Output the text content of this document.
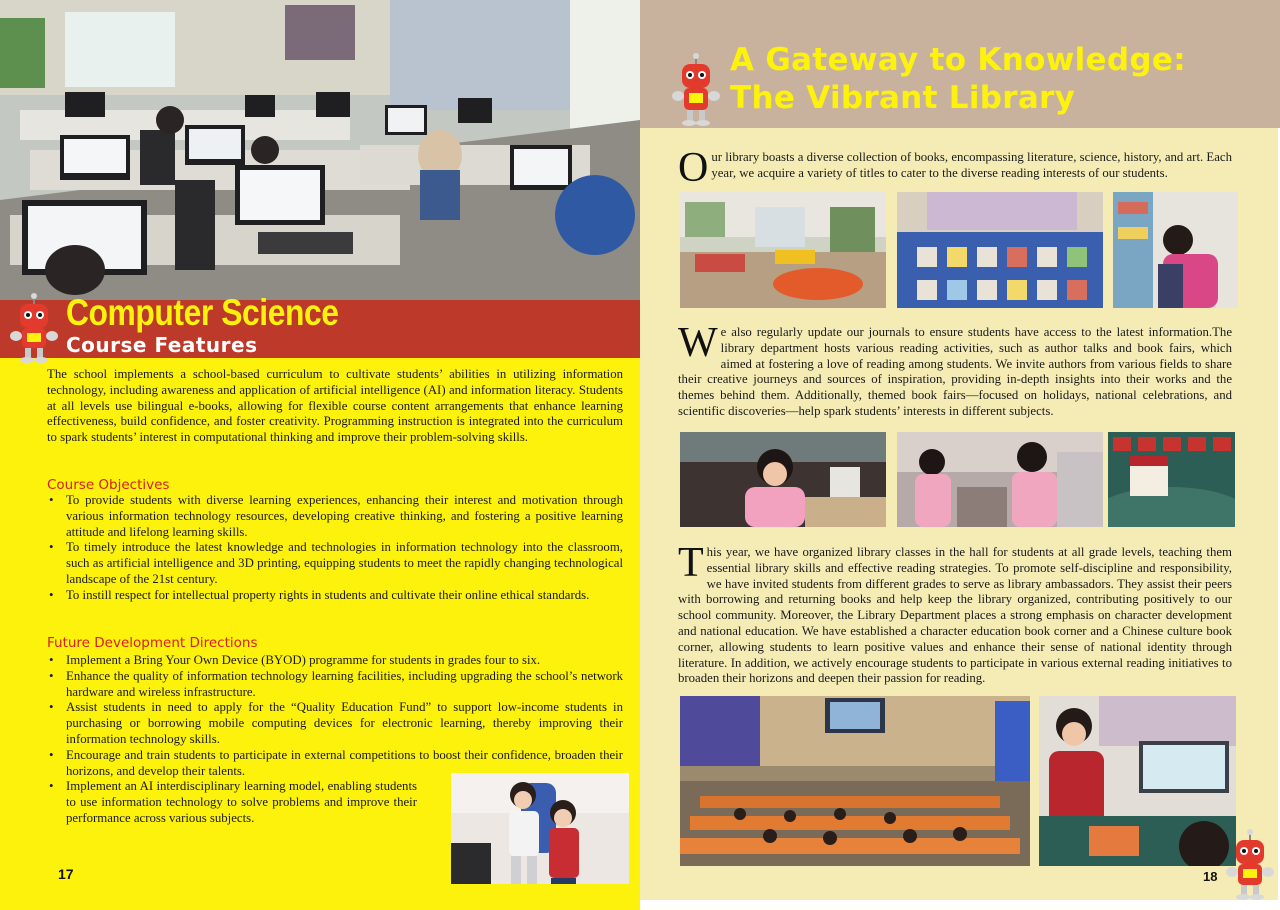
Computer Science
Course Features

The school implements a school-based curriculum to cultivate students’ abilities in utilizing information technology, including awareness and application of artificial intelligence (AI) and information literacy. Students at all levels use bilingual e-books, allowing for flexible course content arrangements that enhance learning effectiveness, build confidence, and foster creativity. Programming instruction is integrated into the curriculum to spark students’ interest in computational thinking and improve their problem-solving skills.

Course Objectives
• To provide students with diverse learning experiences, enhancing their interest and motivation through various information technology resources, developing creative thinking, and fostering a positive learning attitude and lifelong learning skills.
• To timely introduce the latest knowledge and technologies in information technology into the classroom, such as artificial intelligence and 3D printing, equipping students to meet the rapidly changing technological landscape of the 21st century.
• To instill respect for intellectual property rights in students and cultivate their online ethical standards.
Future Development Directions
• Implement a Bring Your Own Device (BYOD) programme for students in grades four to six.
• Enhance the quality of information technology learning facilities, including upgrading the school’s network hardware and wireless infrastructure.
• Assist students in need to apply for the “Quality Education Fund” to support low-income students in purchasing or borrowing mobile computing devices for electronic learning, thereby improving their information technology skills.
• Encourage and train students to participate in external competitions to boost their confidence, broaden their horizons, and develop their talents.
• Implement an AI interdisciplinary learning model, enabling students to use information technology to solve problems and improve their performance across various subjects.
17
A Gateway to Knowledge:
The Vibrant Library

Our library boasts a diverse collection of books, encompassing literature, science, history, and art. Each year, we acquire a variety of titles to cater to the diverse reading interests of our students.

We also regularly update our journals to ensure students have access to the latest information.The library department hosts various reading activities, such as author talks and book fairs, which aimed at fostering a love of reading among students. We invite authors from various fields to share their creative journeys and sources of inspiration, providing in-depth insights into their works and the themes behind them. Additionally, themed book fairs—focused on holidays, national celebrations, and scientific discoveries—help spark students’ interests in different subjects.

This year, we have organized library classes in the hall for students at all grade levels, teaching them essential library skills and effective reading strategies. To promote self-discipline and responsibility, we have invited students from different grades to serve as library ambassadors. They assist their peers with borrowing and returning books and help keep the library organized, contributing positively to our school community. Moreover, the Library Department places a strong emphasis on character development and national education. We have established a character education book corner and a Chinese culture book corner, allowing students to learn positive values and enhance their sense of national identity through literature. In addition, we actively encourage students to participate in various external reading initiatives to broaden their horizons and deepen their passion for reading.

18
